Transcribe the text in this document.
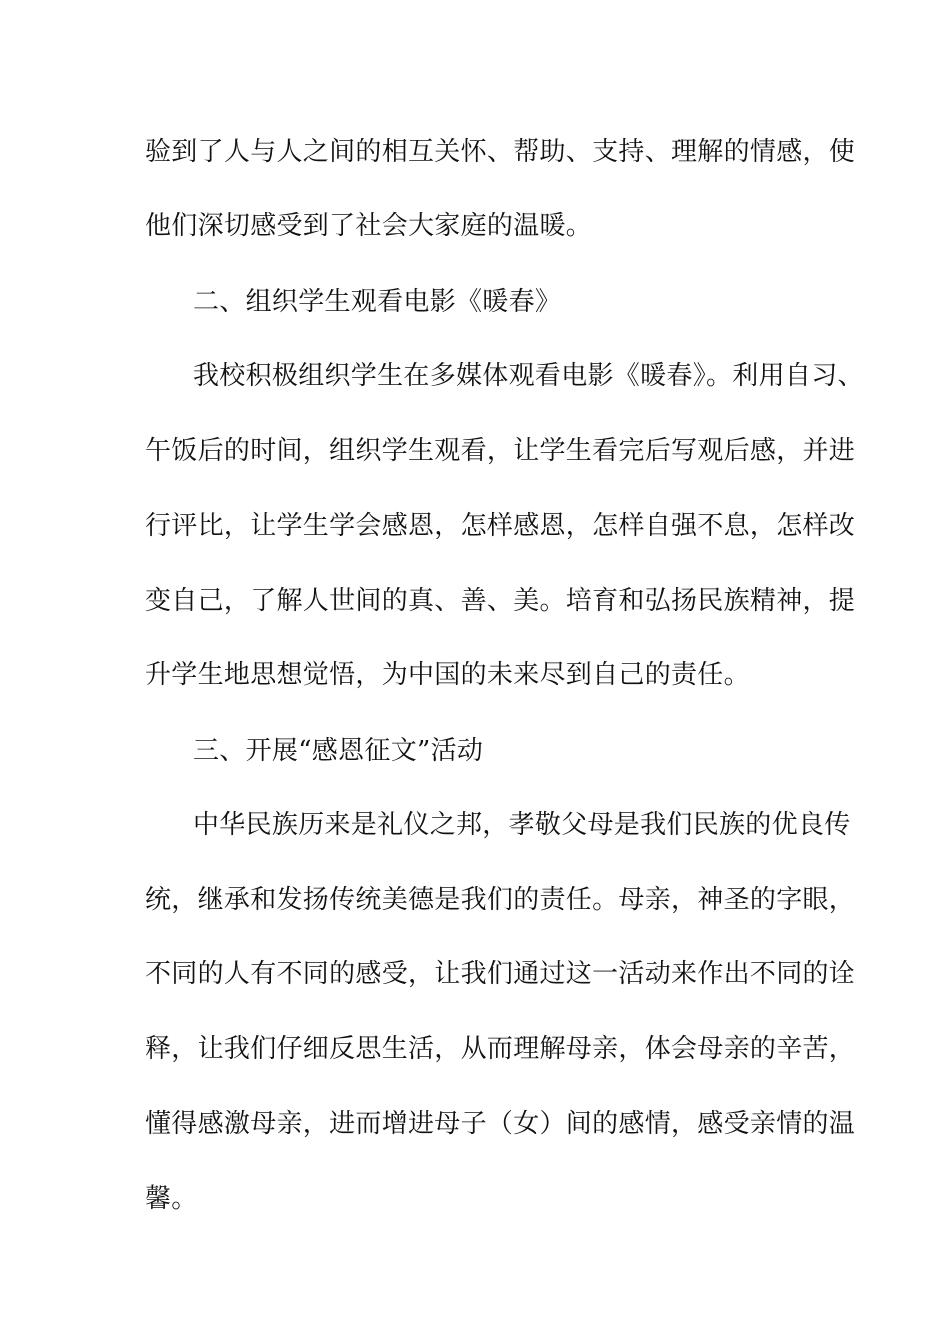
验到了人与人之间的相互关怀、帮助、支持、理解的情感，使
他们深切感受到了社会大家庭的温暖。
二、组织学生观看电影《暖春》
我校积极组织学生在多媒体观看电影《暖春》。利用自习、
午饭后的时间，组织学生观看，让学生看完后写观后感，并进
行评比，让学生学会感恩，怎样感恩，怎样自强不息，怎样改
变自己，了解人世间的真、善、美。培育和弘扬民族精神，提
升学生地思想觉悟，为中国的未来尽到自己的责任。
三、开展“感恩征文”活动
中华民族历来是礼仪之邦，孝敬父母是我们民族的优良传
统，继承和发扬传统美德是我们的责任。母亲，神圣的字眼，
不同的人有不同的感受，让我们通过这一活动来作出不同的诠
释，让我们仔细反思生活，从而理解母亲，体会母亲的辛苦，
懂得感激母亲，进而增进母子（女）间的感情，感受亲情的温
馨。
